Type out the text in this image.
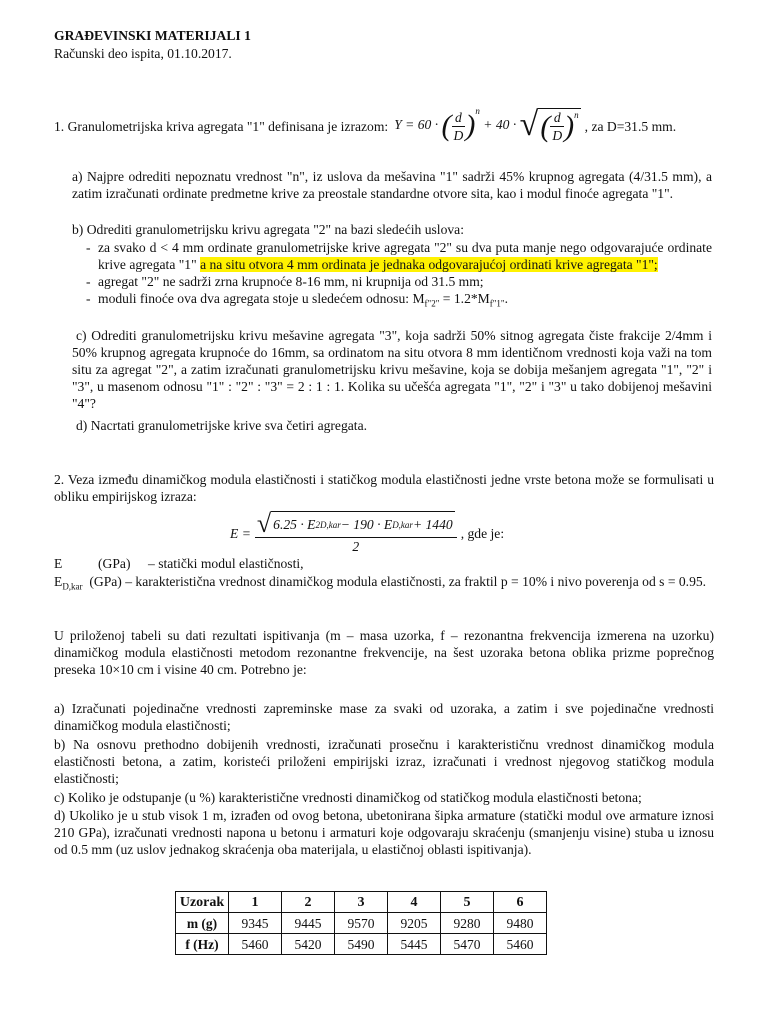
GRAĐEVINSKI MATERIJALI 1
Računski deo ispita, 01.10.2017.
1. Granulometrijska kriva agregata "1" definisana je izrazom: Y = 60 · ( $\frac{d}{D} )^n + 40$ · √ ( $\frac{d}{D} )^n$
, za D=31.5 mm.
a) Najpre odrediti nepoznatu vrednost "n", iz uslova da mešavina "1" sadrži 45% krupnog agregata (4/31.5 mm), a zatim izračunati ordinate predmetne krive za preostale standardne otvore sita, kao i modul finoće agregata "1".
b) Odrediti granulometrijsku krivu agregata "2" na bazi sledećih uslova:
- za svako d < 4 mm ordinate granulometrijske krive agregata "2" su dva puta manje nego odgovarajuće ordinate krive agregata "1" a na situ otvora 4 mm ordinata je jednaka odgovarajućoj ordinati krive agregata "1";
- agregat "2" ne sadrži zrna krupnoće 8-16 mm, ni krupnija od 31.5 mm;
- moduli finoće ova dva agregata stoje u sledećem odnosu: $M_{f"2"} = 1.2*M_{f"1"}$.
c) Odrediti granulometrijsku krivu mešavine agregata "3", koja sadrži 50% sitnog agregata čiste frakcije 2/4mm i 50% krupnog agregata krupnoće do 16mm, sa ordinatom na situ otvora 8 mm identičnom vrednosti koja važi na tom situ za agregat "2", a zatim izračunati granulometrijsku krivu mešavine, koja se dobija mešanjem agregata "1", "2" i "3", u masenom odnosu "1" : "2" : "3" = 2 : 1 : 1. Kolika su učešća agregata "1", "2" i "3" u tako dobijenoj mešavini "4"?
d) Nacrtati granulometrijske krive sva četiri agregata.
2. Veza između dinamičkog modula elastičnosti i statičkog modula elastičnosti jedne vrste betona može se formulisati u obliku empirijskog izraza:
$E = \frac{\text{√ 6.25 · E 2 D,kar − 190 · E D,kar + 1440}}{2}$ , gde je:
E	(GPa) – statički modul elastičnosti,
$E_{D,kar}$ (GPa) – karakteristična vrednost dinamičkog modula elastičnosti, za fraktil p = 10% i nivo poverenja od s = 0.95.
U priloženoj tabeli su dati rezultati ispitivanja (m – masa uzorka, f – rezonantna frekvencija izmerena na uzorku) dinamičkog modula elastičnosti metodom rezonantne frekvencije, na šest uzoraka betona oblika prizme poprečnog preseka 10×10 cm i visine 40 cm. Potrebno je:
a) Izračunati pojedinačne vrednosti zapreminske mase za svaki od uzoraka, a zatim i sve pojedinačne vrednosti dinamičkog modula elastičnosti;
b) Na osnovu prethodno dobijenih vrednosti, izračunati prosečnu i karakterističnu vrednost dinamičkog modula elastičnosti betona, a zatim, koristeći priloženi empirijski izraz, izračunati i vrednost njegovog statičkog modula elastičnosti;
c) Koliko je odstupanje (u %) karakteristične vrednosti dinamičkog od statičkog modula elastičnosti betona;
d) Ukoliko je u stub visok 1 m, izrađen od ovog betona, ubetonirana šipka armature (statički modul ove armature iznosi 210 GPa), izračunati vrednosti napona u betonu i armaturi koje odgovaraju skraćenju (smanjenju visine) stuba u iznosu od 0.5 mm (uz uslov jednakog skraćenja oba materijala, u elastičnoj oblasti ispitivanja).
Uzorak	1	2	3	4	5	6
m (g)	9345	9445	9570	9205	9280	9480
f (Hz)	5460	5420	5490	5445	5470	5460
